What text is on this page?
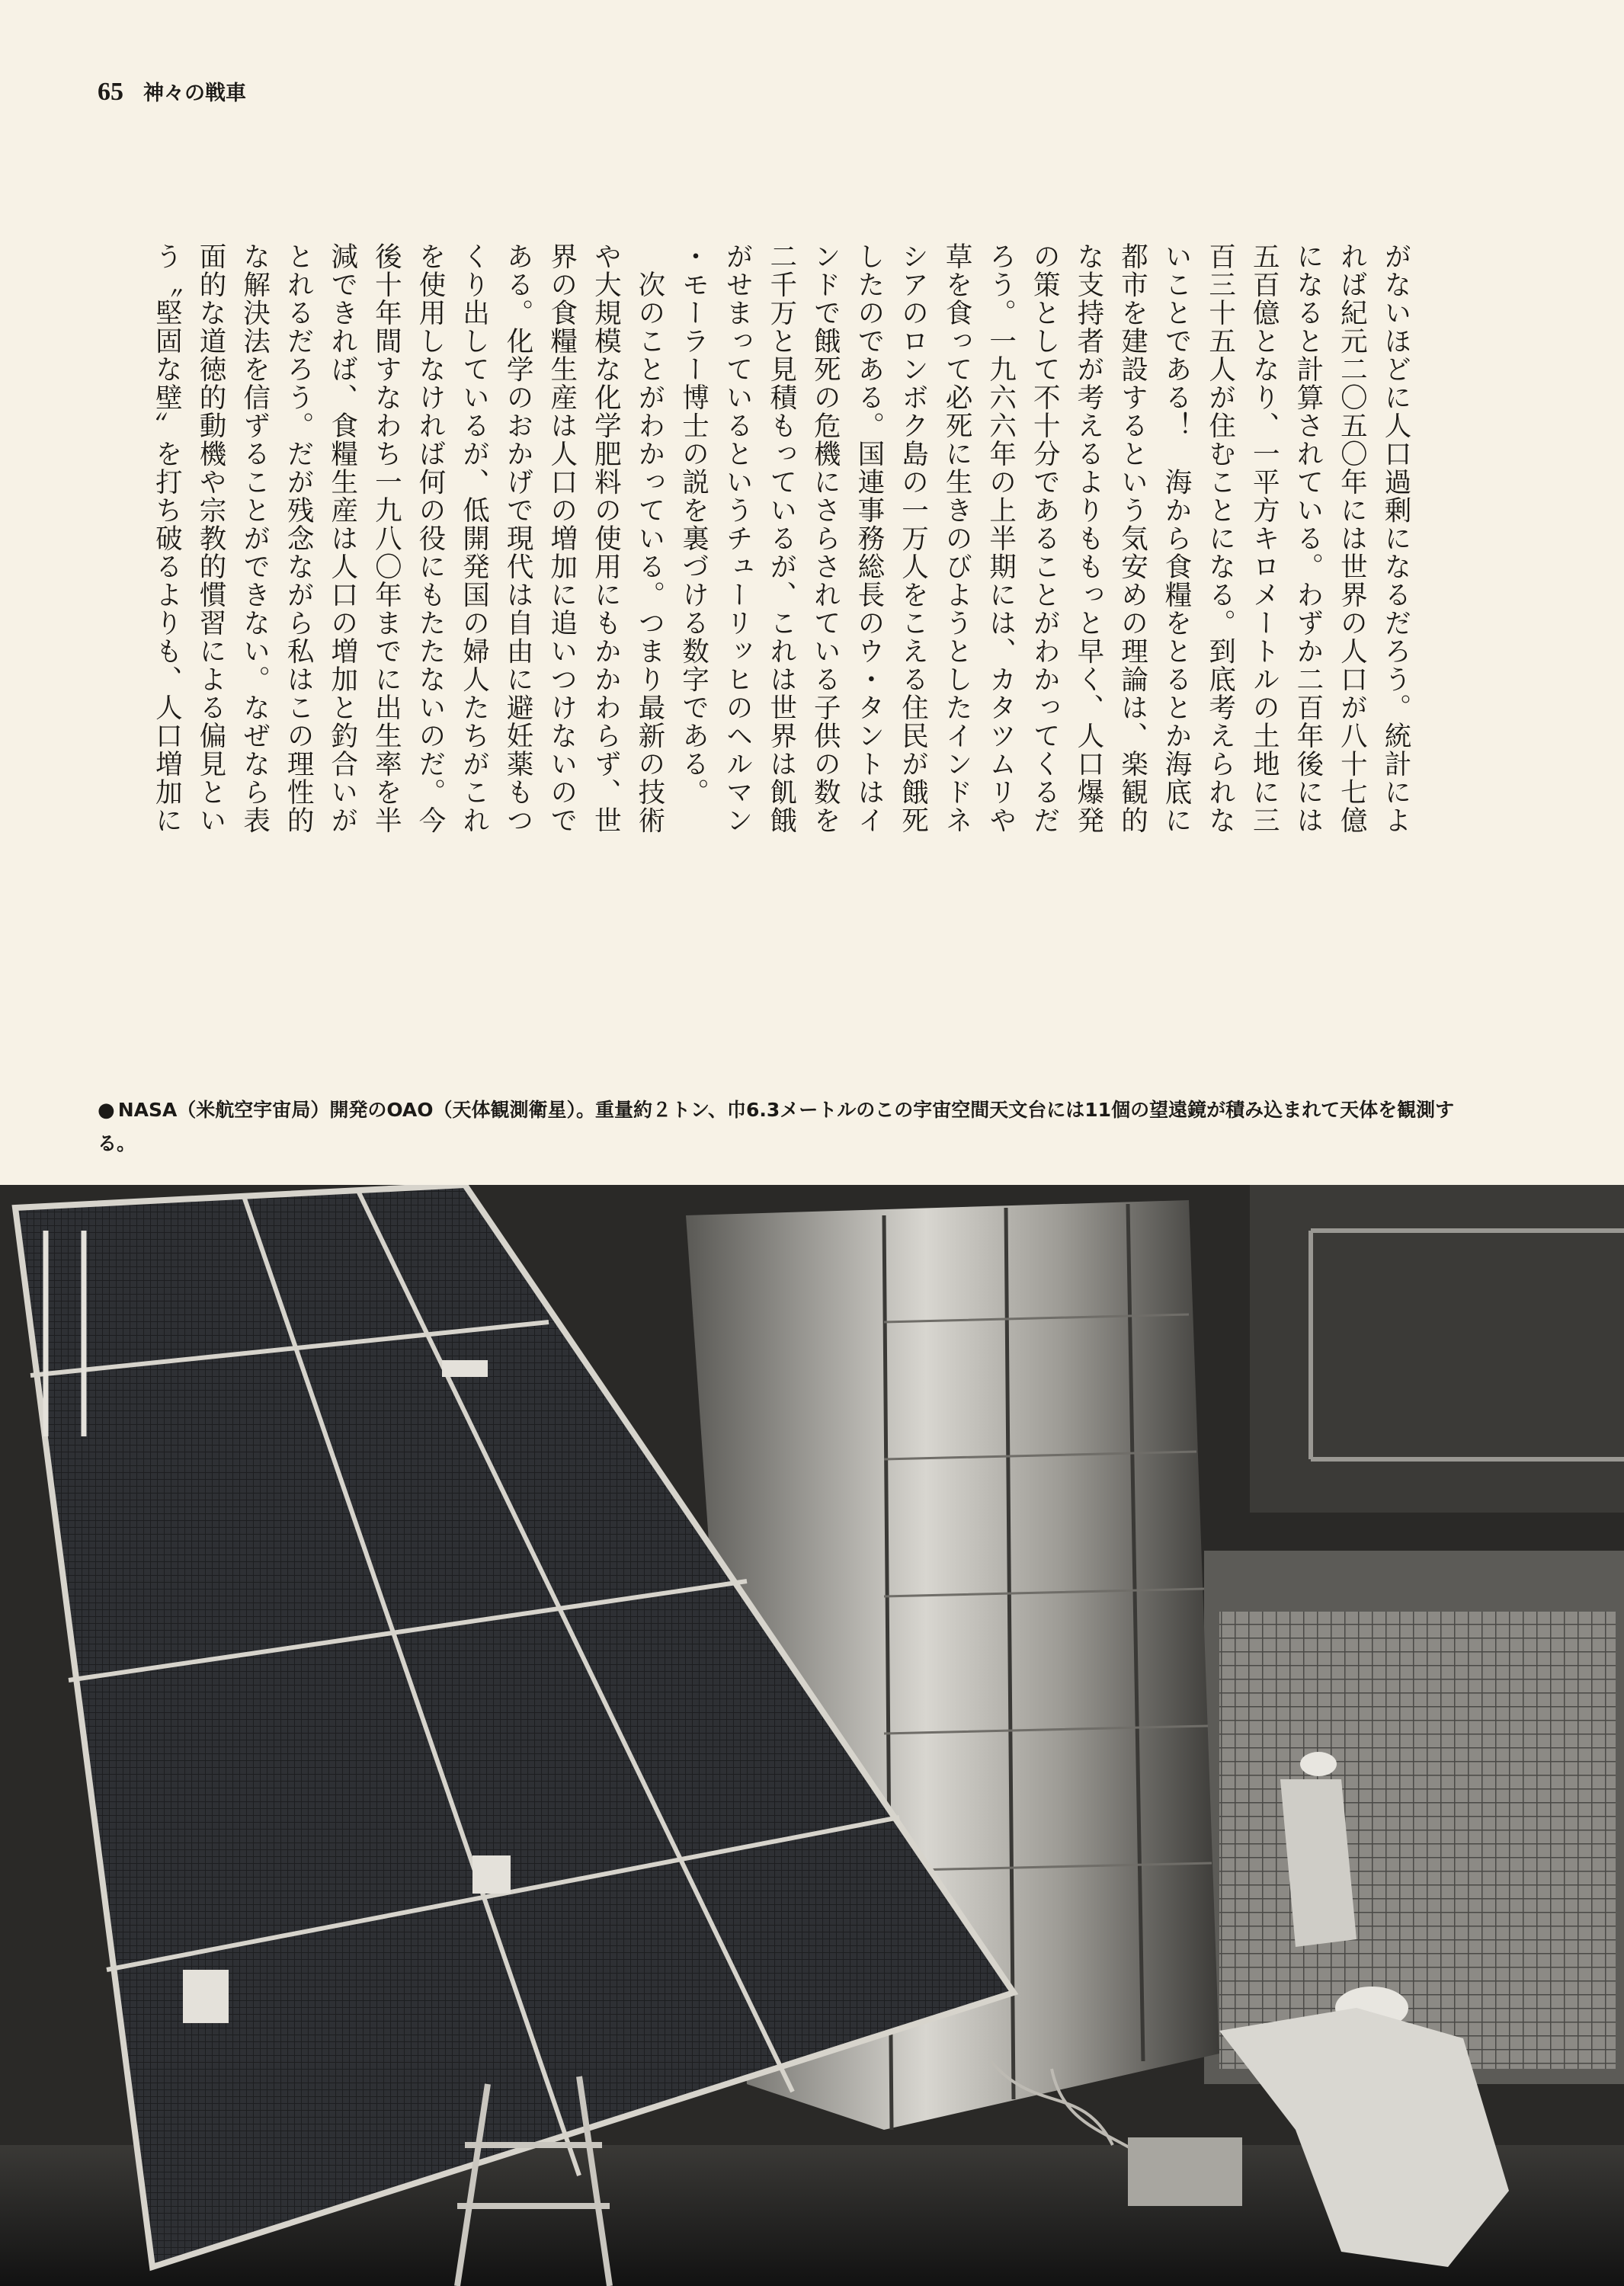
65 神々の戦車
がないほどに人口過剰になるだろう。統計によ
れば紀元二〇五〇年には世界の人口が八十七億
になると計算されている。わずか二百年後には
五百億となり、一平方キロメートルの土地に三
百三十五人が住むことになる。到底考えられな
いことである！　海から食糧をとるとか海底に
都市を建設するという気安めの理論は、楽観的
な支持者が考えるよりももっと早く、人口爆発
の策として不十分であることがわかってくるだ
ろう。一九六六年の上半期には、カタツムリや
草を食って必死に生きのびようとしたインドネ
シアのロンボク島の一万人をこえる住民が餓死
したのである。国連事務総長のウ・タントはイ
ンドで餓死の危機にさらされている子供の数を
二千万と見積もっているが、これは世界は飢餓
がせまっているというチューリッヒのヘルマン
・モーラー博士の説を裏づける数字である。
　次のことがわかっている。つまり最新の技術
や大規模な化学肥料の使用にもかかわらず、世
界の食糧生産は人口の増加に追いつけないので
ある。化学のおかげで現代は自由に避妊薬もつ
くり出しているが、低開発国の婦人たちがこれ
を使用しなければ何の役にもたたないのだ。今
後十年間すなわち一九八〇年までに出生率を半
減できれば、食糧生産は人口の増加と釣合いが
とれるだろう。だが残念ながら私はこの理性的
な解決法を信ずることができない。なぜなら表
面的な道徳的動機や宗教的慣習による偏見とい
う〝堅固な壁〟を打ち破るよりも、人口増加に
● NASA（米航空宇宙局）開発のOAO（天体観測衛星）。重量約２トン、巾6.3メートルのこの宇宙空間天文台には11個の望遠鏡が積み込まれて天体を観測する。
